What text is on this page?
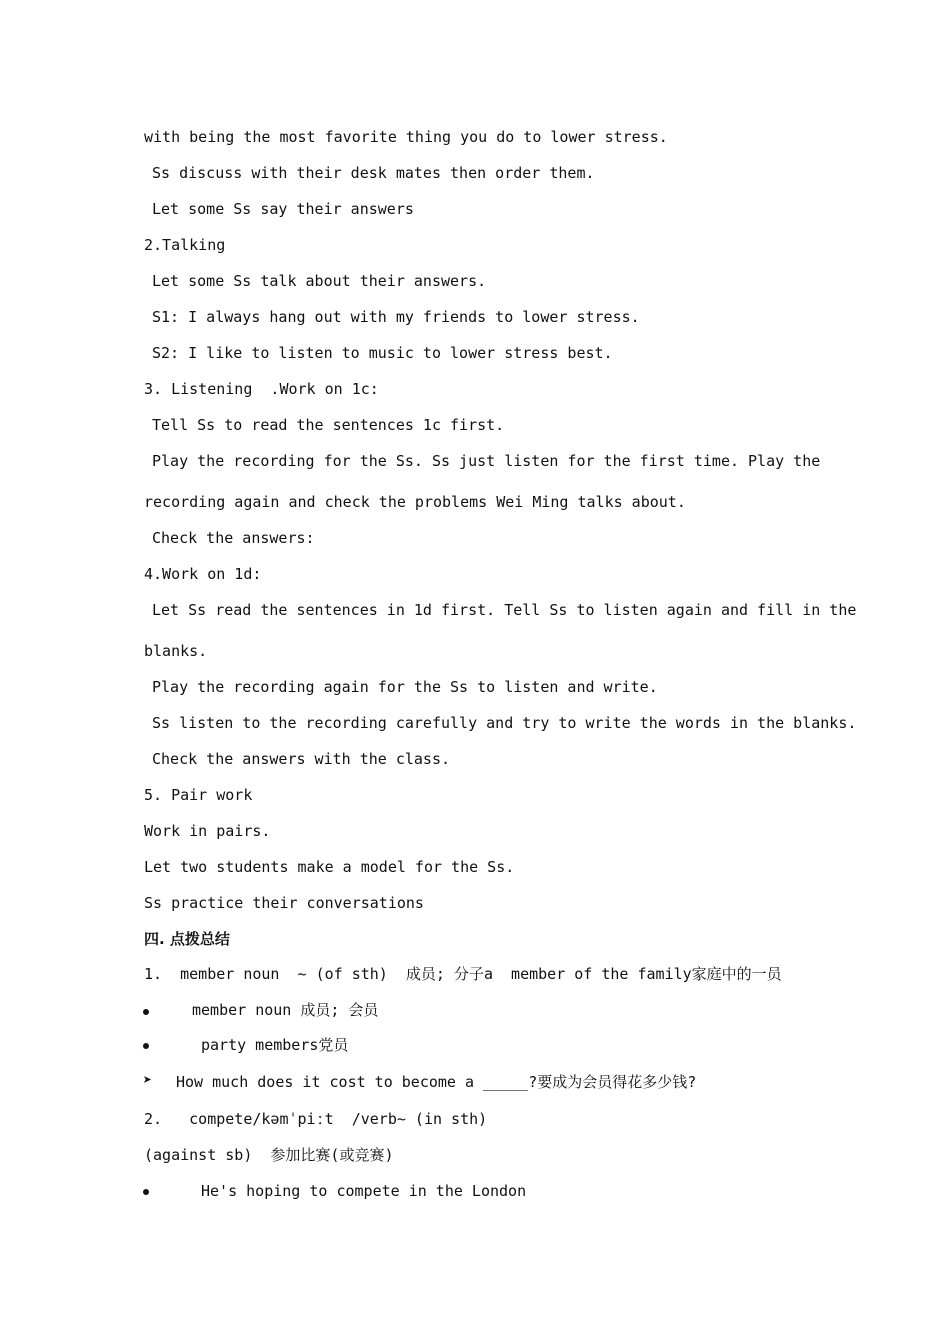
with being the most favorite thing you do to lower stress.
Ss discuss with their desk mates then order them.
Let some Ss say their answers
2.Talking
Let some Ss talk about their answers.
S1: I always hang out with my friends to lower stress.
S2: I like to listen to music to lower stress best.
3. Listening  .Work on 1c:
Tell Ss to read the sentences 1c first.
Play the recording for the Ss. Ss just listen for the first time. Play the
recording again and check the problems Wei Ming talks about.
Check the answers:
4.Work on 1d:
Let Ss read the sentences in 1d first. Tell Ss to listen again and fill in the
blanks.
Play the recording again for the Ss to listen and write.
Ss listen to the recording carefully and try to write the words in the blanks.
Check the answers with the class.
5. Pair work
Work in pairs.
Let two students make a model for the Ss.
Ss practice their conversations
四. 点拨总结
1.  member noun  ~ (of sth)  成员; 分子a  member of the family家庭中的一员
member noun 成员; 会员
party members党员
➤ How much does it cost to become a _____?要成为会员得花多少钱?
2.   compete/kəmˈpiːt  /verb~ (in sth)
(against sb)  参加比赛(或竞赛)
He's hoping to compete in the London
